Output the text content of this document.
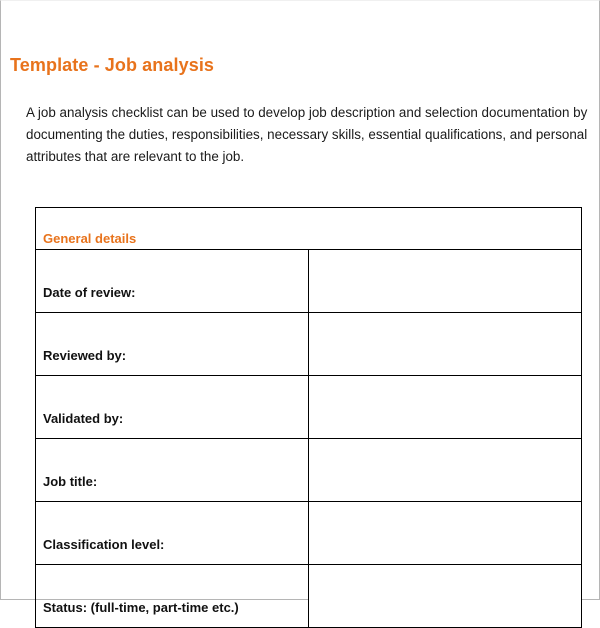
Template - Job analysis

A job analysis checklist can be used to develop job description and selection documentation by
documenting the duties, responsibilities, necessary skills, essential qualifications, and personal
attributes that are relevant to the job.

General details	
Date of review:	
Reviewed by:	
Validated by:	
Job title:	
Classification level:	
Status: (full-time, part-time etc.)	
